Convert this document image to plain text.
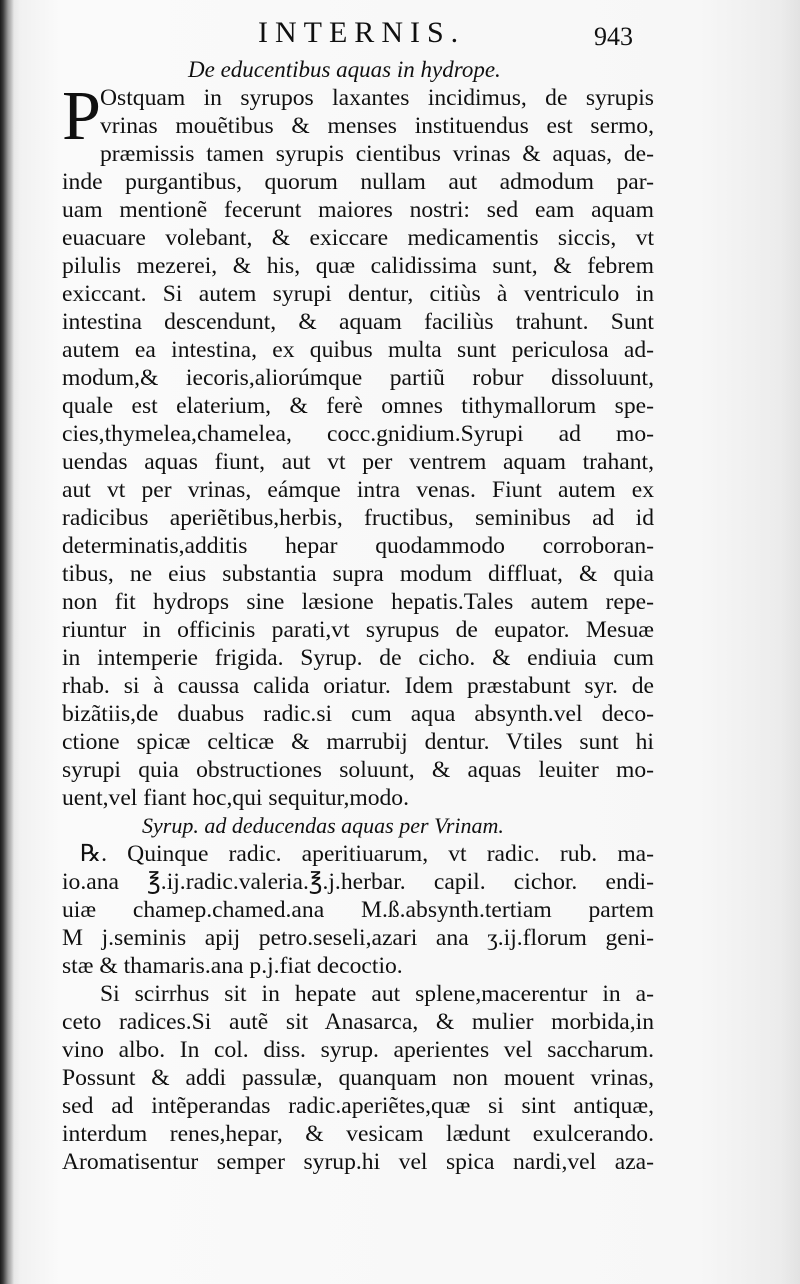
INTERNIS.	943
De educentibus aquas in hydrope.
P Ostquam in syrupos laxantes incidimus, de syrupis
vrinas mouẽtibus & menses instituendus est sermo,
præmissis tamen syrupis cientibus vrinas & aquas, de-
inde purgantibus, quorum nullam aut admodum par-
uam mentionẽ fecerunt maiores nostri: sed eam aquam
euacuare volebant, & exiccare medicamentis siccis, vt
pilulis mezerei, & his, quæ calidissima sunt, & febrem
exiccant. Si autem syrupi dentur, citiùs à ventriculo in
intestina descendunt, & aquam faciliùs trahunt. Sunt
autem ea intestina, ex quibus multa sunt periculosa ad-
modum,& iecoris,aliorúmque partiũ robur dissoluunt,
quale est elaterium, & ferè omnes tithymallorum spe-
cies,thymelea,chamelea, cocc.gnidium.Syrupi ad mo-
uendas aquas fiunt, aut vt per ventrem aquam trahant,
aut vt per vrinas, eámque intra venas. Fiunt autem ex
radicibus aperiẽtibus,herbis, fructibus, seminibus ad id
determinatis,additis hepar quodammodo corroboran-
tibus, ne eius substantia supra modum diffluat, & quia
non fit hydrops sine læsione hepatis.Tales autem repe-
riuntur in officinis parati,vt syrupus de eupator. Mesuæ
in intemperie frigida. Syrup. de cicho. & endiuia cum
rhab. si à caussa calida oriatur. Idem præstabunt syr. de
bizãtiis,de duabus radic.si cum aqua absynth.vel deco-
ctione spicæ celticæ & marrubij dentur. Vtiles sunt hi
syrupi quia obstructiones soluunt, & aquas leuiter mo-
uent,vel fiant hoc,qui sequitur,modo.
Syrup. ad deducendas aquas per Vrinam.
℞. Quinque radic. aperitiuarum, vt radic. rub. ma-
io.ana ℥.ij.radic.valeria.℥.j.herbar. capil. cichor. endi-
uiæ chamep.chamed.ana M.ß.absynth.tertiam partem
M j.seminis apij petro.seseli,azari ana ʒ.ij.florum geni-
stæ & thamaris.ana p.j.fiat decoctio.
Si scirrhus sit in hepate aut splene,macerentur in a-
ceto radices.Si autẽ sit Anasarca, & mulier morbida,in
vino albo. In col. diss. syrup. aperientes vel saccharum.
Possunt & addi passulæ, quanquam non mouent vrinas,
sed ad intẽperandas radic.aperiẽtes,quæ si sint antiquæ,
interdum renes,hepar, & vesicam lædunt exulcerando.
Aromatisentur semper syrup.hi vel spica nardi,vel aza-
